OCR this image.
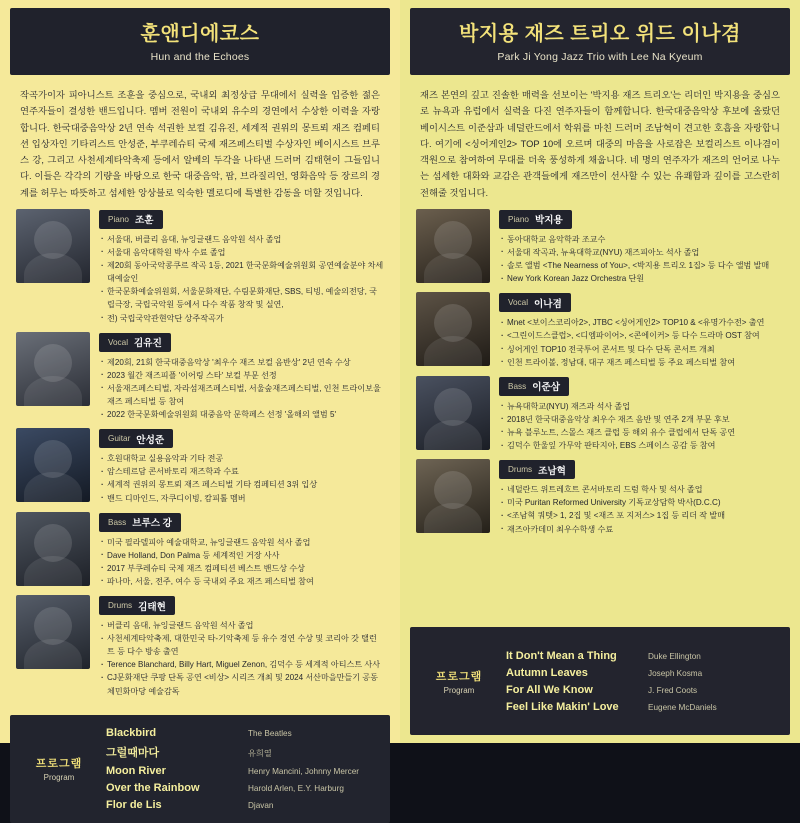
훈앤디에코스
Hun and the Echoes
작곡가이자 피아니스트 조훈을 중심으로, 국내외 최정상급 무대에서 실력을 입증한 젊은 연주자들이 결성한 밴드입니다. 멤버 전원이 국내외 유수의 경연에서 수상한 이력을 자랑합니다. 한국대중음악상 2년 연속 석권한 보컬 김유진, 세계적 권위의 몽트뢰 재즈 컴페티션 입상자인 기타리스트 안성준, 부쿠레슈티 국제 재즈페스티벌 수상자인 베이시스트 브루스 강, 그리고 사천세계타악축제 등에서 알베의 두각을 나타낸 드러머 김태현이 그들입니다. 이들은 각각의 기량을 바탕으로 한국 대중음악, 팝, 브라질리언, 영화음악 등 장르의 경계를 허무는 따뜻하고 섬세한 앙상블로 익숙한 멜로디에 특별한 감동을 더할 것입니다.
Piano 조훈
· 서울대, 버클리 음대, 뉴잉글랜드 음악원 석사 졸업
· 서울대 음악대학원 박사 수료 졸업
· 제20회 동아국악콩쿠르 작곡 1등, 2021 한국문화예술위원회 공연예술분야 차세대예술인
· 한국문화예술위원회, 서울문화재단, 수림문화재단, SBS, 티빙, 예술의전당, 국립극장, 국립국악원 등에서 다수 작품 창작 및 실연,
· 전) 국립국악관현악단 상주작곡가
Vocal 김유진
· 제20회, 21회 한국대중음악상 '최우수 재즈 보컬 음반상' 2년 연속 수상
· 2023 월간 재즈피플 '이어링 스타' 보컬 부문 선정
· 서울재즈페스티벌, 자라섬재즈페스티벌, 서울숲재즈페스티벌, 인천 트라이보울 재즈 페스티벌 등 참여
· 2022 한국문화예술위원회 대중음악 문학페스 선정 '올해의 앨범 5'
Guitar 안성준
· 호원대학교 실용음악과 기타 전공
· 암스테르담 콘서바토리 재즈학과 수료
· 세계적 권위의 몽트뢰 재즈 페스티벌 기타 컴페티션 3위 입상
· 밴드 디마인드, 자쿠디이빙, 캄피톨 멤버
Bass 브루스 강
· 미국 필라델피아 예술대학교, 뉴잉글랜드 음악원 석사 졸업
· Dave Holland, Don Palma 등 세계적인 거장 사사
· 2017 부쿠레슈티 국제 재즈 컴페티션 베스트 밴드상 수상
· 파나마, 서울, 전주, 여수 등 국내외 주요 재즈 페스티벌 참여
Drums 김태현
· 버클리 음대, 뉴잉글랜드 음악원 석사 졸업
· 사천세계타악축제, 대한민국 타-기악축제 등 유수 경연 수상 및 코리아 갓 탤런트 등 다수 방송 출연
· Terence Blanchard, Billy Hart, Miguel Zenon, 김덕수 등 세계적 아티스트 사사
· CJ문화재단 쿠팡 단독 공연 <비상> 시리즈 개최 및 2024 서산마을만들기 공동체민화마당 예술감독
프로그램
Program
Blackbird	The Beatles
그럴때마다	유희열
Moon River	Henry Mancini, Johnny Mercer
Over the Rainbow	Harold Arlen, E.Y. Harburg
Flor de Lis	Djavan
박지용 재즈 트리오 위드 이나겸
Park Ji Yong Jazz Trio with Lee Na Kyeum
재즈 본연의 깊고 진솔한 매력을 선보이는 '박지용 재즈 트리오'는 리더인 박지용을 중심으로 뉴욕과 유럽에서 실력을 다진 연주자들이 함께합니다. 한국대중음악상 후보에 올랐던 베이시스트 이준삼과 네덜란드에서 학위를 마친 드러머 조남혁이 견고한 호흡을 자랑합니다. 여기에 <싱어게인2> TOP 10에 오르며 대중의 마음을 사로잡은 보컬리스트 이나겸이 객원으로 참여하여 무대를 더욱 풍성하게 채웁니다. 네 명의 연주자가 재즈의 언어로 나누는 섬세한 대화와 교감은 관객들에게 재즈만이 선사할 수 있는 유쾌함과 깊이를 고스란히 전해줄 것입니다.
Piano 박지용
· 동아대학교 음악학과 조교수
· 서울대 작곡과, 뉴욕대학교(NYU) 재즈피아노 석사 졸업
· 솔로 앨범 <The Nearness of You>, <박지용 트리오 1집> 등 다수 앨범 발매
· New York Korean Jazz Orchestra 단원
Vocal 이나겸
· Mnet <보이스코리아2>, JTBC <싱어게인2> TOP10 & <유명가수전> 출연
· <그린이드스클럽>, <디엠파이어>, <콘에이커> 등 다수 드라마 OST 참여
· 싱어게인 TOP10 전국투어 콘서트 및 다수 단독 콘서트 개최
· 인천 트라이볼, 정남대, 대구 재즈 페스티벌 등 주요 페스티벌 참여
Bass 이준삼
· 뉴욕대학교(NYU) 재즈과 석사 졸업
· 2018년 한국대중음악상 최우수 재즈 음반 및 연주 2개 부문 후보
· 뉴욕 블루노트, 스몰스 재즈 클럽 등 해외 유수 클럽에서 단독 공연
· 김덕수 한울잎 가무악 판타지아, EBS 스페이스 공감 등 참여
Drums 조남혁
· 네덜란드 위트레흐트 콘서바토리 드럼 학사 및 석사 졸업
· 미국 Puritan Reformed University 기독교상담학 박사(D.C.C)
· <조남혁 쿼텟> 1, 2집 및 <재즈 포 지저스> 1집 등 리더 작 발매
· 재즈아카데미 최우수학생 수료
프로그램
Program
It Don't Mean a Thing	Duke Ellington
Autumn Leaves	Joseph Kosma
For All We Know	J. Fred Coots
Feel Like Makin' Love	Eugene McDaniels
